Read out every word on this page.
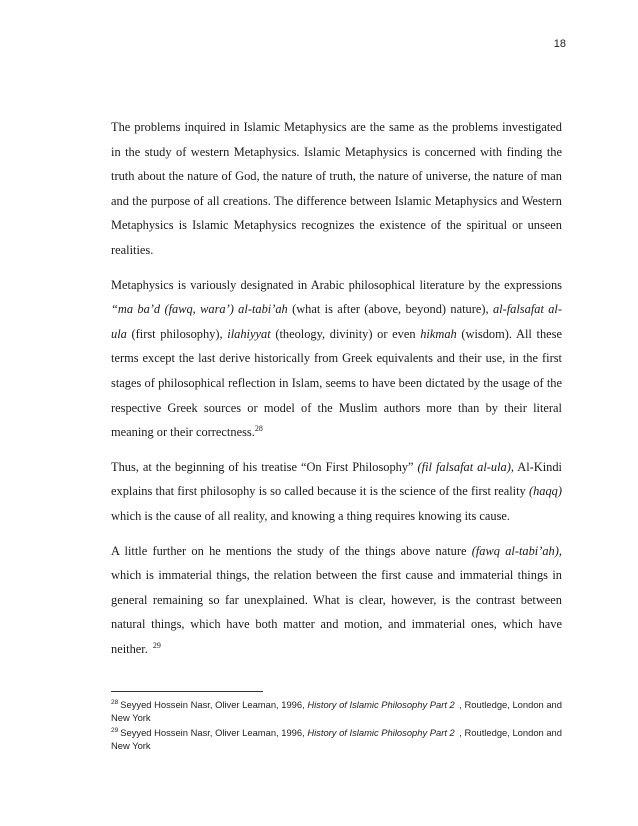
18

The problems inquired in Islamic Metaphysics are the same as the problems investigated in the study of western Metaphysics. Islamic Metaphysics is concerned with finding the truth about the nature of God, the nature of truth, the nature of universe, the nature of man and the purpose of all creations. The difference between Islamic Metaphysics and Western Metaphysics is Islamic Metaphysics recognizes the existence of the spiritual or unseen realities.

Metaphysics is variously designated in Arabic philosophical literature by the expressions “ma ba’d (fawq, wara’) al-tabi’ah (what is after (above, beyond) nature), al-falsafat al-ula (first philosophy), ilahiyyat (theology, divinity) or even hikmah (wisdom). All these terms except the last derive historically from Greek equivalents and their use, in the first stages of philosophical reflection in Islam, seems to have been dictated by the usage of the respective Greek sources or model of the Muslim authors more than by their literal meaning or their correctness.$^{28}$

Thus, at the beginning of his treatise “On First Philosophy” (fil falsafat al-ula), Al-Kindi explains that first philosophy is so called because it is the science of the first reality (haqq) which is the cause of all reality, and knowing a thing requires knowing its cause.

A little further on he mentions the study of the things above nature (fawq al-tabi’ah), which is immaterial things, the relation between the first cause and immaterial things in general remaining so far unexplained. What is clear, however, is the contrast between natural things, which have both matter and motion, and immaterial ones, which have neither. $^{29}$

$^{28}$ Seyyed Hossein Nasr, Oliver Leaman, 1996, History of Islamic Philosophy Part 2 , Routledge, London and
New York
$^{29}$ Seyyed Hossein Nasr, Oliver Leaman, 1996, History of Islamic Philosophy Part 2 , Routledge, London and
New York
